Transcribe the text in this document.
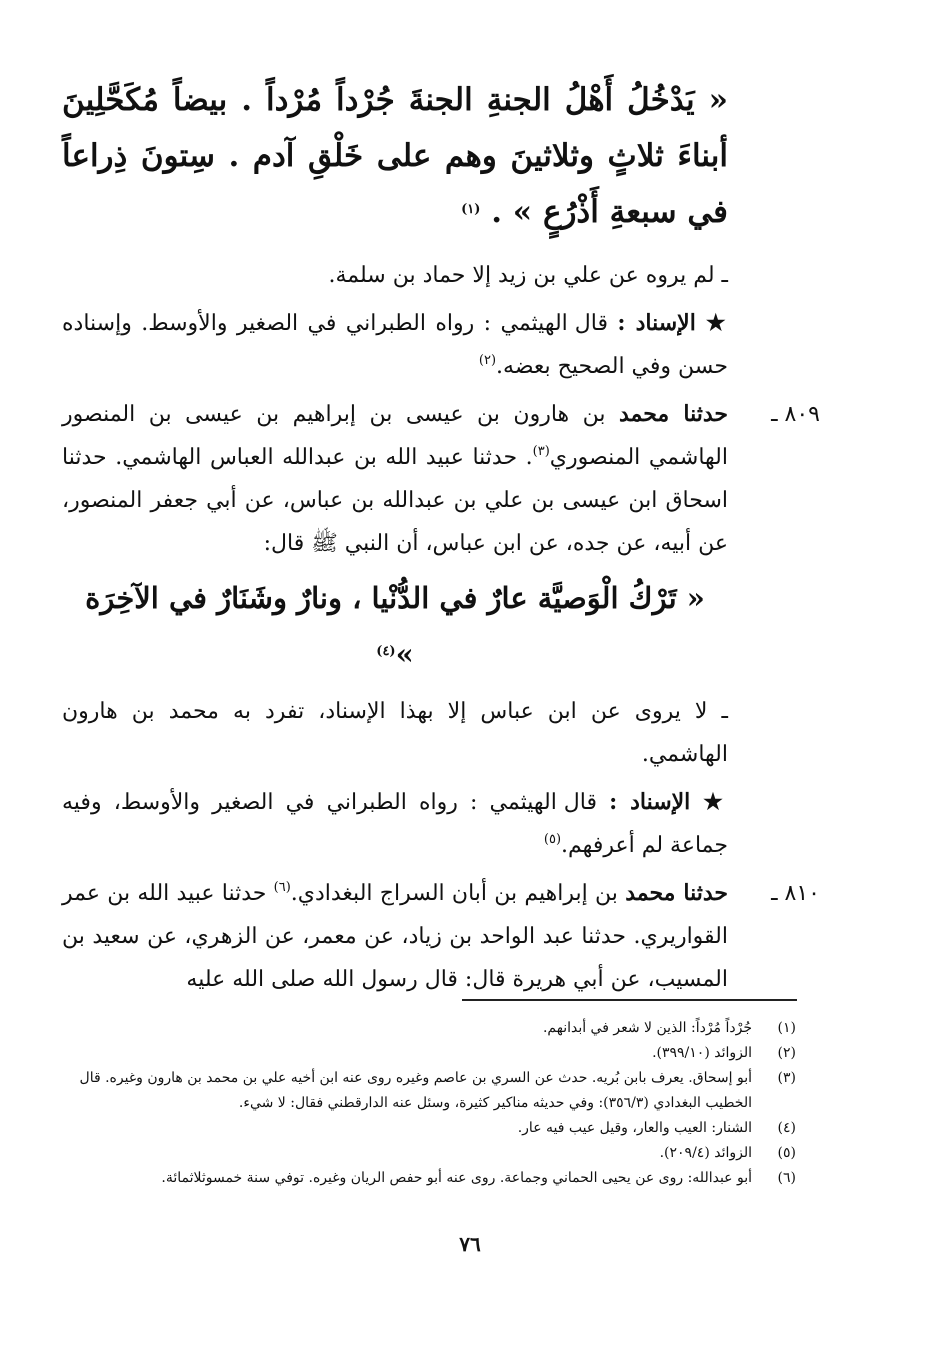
« يَدْخُلُ أَهْلُ الجنةِ الجنةَ جُرْداً مُرْداً . بيضاً مُكَحَّلِينَ أبناءَ ثلاثٍ وثلاثينَ وهم على خَلْقِ آدم . سِتونَ ذِراعاً في سبعةِ أَذْرُعٍ » . $^{(١)}$

ـ لم يروه عن علي بن زيد إلا حماد بن سلمة.

★ الإسناد : قال الهيثمي : رواه الطبراني في الصغير والأوسط. وإسناده حسن وفي الصحيح بعضه.$^{(٢)}$

٨٠٩ ـ

حدثنا محمد بن هارون بن عيسى بن إبراهيم بن عيسى بن المنصور الهاشمي المنصوري$^{(٣)}$. حدثنا عبيد الله بن عبدالله العباس الهاشمي. حدثنا اسحاق ابن عيسى بن علي بن عبدالله بن عباس، عن أبي جعفر المنصور، عن أبيه، عن جده، عن ابن عباس، أن النبي ﷺ قال:

« تَرْكُ الْوَصيَّة عارٌ في الدُّنْيا ، ونارٌ وشَنَارٌ في الآخِرَة »$^{(٤)}$

ـ لا يروى عن ابن عباس إلا بهذا الإسناد، تفرد به محمد بن هارون الهاشمي.

★ الإسناد : قال الهيثمي : رواه الطبراني في الصغير والأوسط، وفيه جماعة لم أعرفهم.$^{(٥)}$

٨١٠ ـ

حدثنا محمد بن إبراهيم بن أبان السراج البغدادي.$^{(٦)}$ حدثنا عبيد الله بن عمر القواريري. حدثنا عبد الواحد بن زياد، عن معمر، عن الزهري، عن سعيد بن المسيب، عن أبي هريرة قال: قال رسول الله صلى الله عليه

(١)
جُرْداً مُرْداً: الذين لا شعر في أبدانهم.
(٢)
الزوائد (٣٩٩/١٠).
(٣)
أبو إسحاق. يعرف بابن بُريه. حدث عن السري بن عاصم وغيره روى عنه ابن أخيه علي بن محمد بن هارون وغيره. قال الخطيب البغدادي (٣٥٦/٣): وفي حديثه مناكير كثيرة، وسئل عنه الدارقطني فقال: لا شيء.
(٤)
الشنار: العيب والعار، وقيل عيب فيه عار.
(٥)
الزوائد (٢٠٩/٤).
(٦)
أبو عبدالله: روى عن يحيى الحماني وجماعة. روى عنه أبو حفص الريان وغيره. توفي سنة خمسوثلاثمائة.
٧٦
